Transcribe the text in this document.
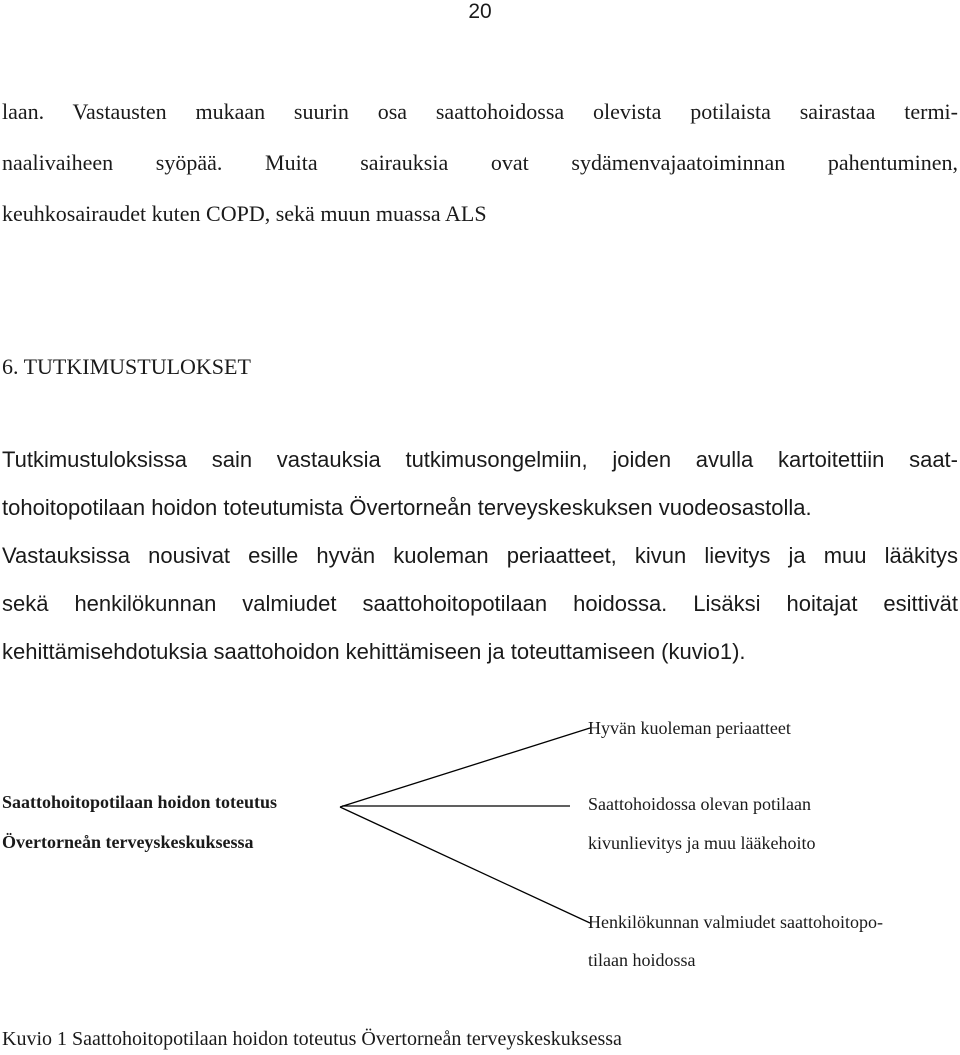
20

laan. Vastausten mukaan suurin osa saattohoidossa olevista potilaista sairastaa termi-
naalivaiheen syöpää. Muita sairauksia ovat sydämenvajaatoiminnan pahentuminen,
keuhkosairaudet kuten COPD, sekä muun muassa ALS

6. TUTKIMUSTULOKSET

Tutkimustuloksissa sain vastauksia tutkimusongelmiin, joiden avulla kartoitettiin saat-
tohoitopotilaan hoidon toteutumista Övertorneån terveyskeskuksen vuodeosastolla.
Vastauksissa nousivat esille hyvän kuoleman periaatteet, kivun lievitys ja muu lääkitys
sekä henkilökunnan valmiudet saattohoitopotilaan hoidossa. Lisäksi hoitajat esittivät
kehittämisehdotuksia saattohoidon kehittämiseen ja toteuttamiseen (kuvio1).

Saattohoitopotilaan hoidon toteutus

Övertorneån terveyskeskuksessa

Hyvän kuoleman periaatteet

Saattohoidossa olevan potilaan

kivunlievitys ja muu lääkehoito

Henkilökunnan valmiudet saattohoitopo-

tilaan hoidossa

Kuvio 1 Saattohoitopotilaan hoidon toteutus Övertorneån terveyskeskuksessa
